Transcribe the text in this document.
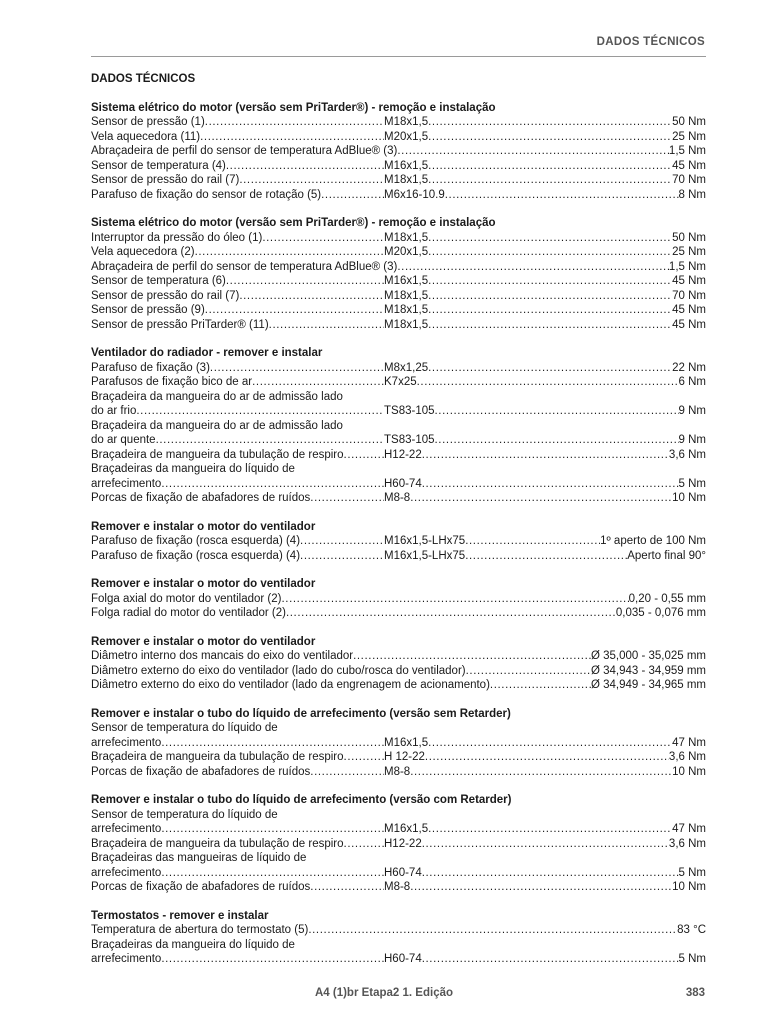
DADOS TÉCNICOS
DADOS TÉCNICOS
Sistema elétrico do motor (versão sem PriTarder®) - remoção e instalação
Sensor de pressão (1) .....	M18x1,5 .....	50 Nm
Vela aquecedora (11) .....	M20x1,5 .....	25 Nm
Abraçadeira de perfil do sensor de temperatura AdBlue® (3) .....	1,5 Nm
Sensor de temperatura (4) .....	M16x1,5 .....	45 Nm
Sensor de pressão do rail (7) .....	M18x1,5 .....	70 Nm
Parafuso de fixação do sensor de rotação (5) .....	M6x16-10.9 .....	8 Nm
Sistema elétrico do motor (versão sem PriTarder®) - remoção e instalação
Interruptor da pressão do óleo (1) .....	M18x1,5 .....	50 Nm
Vela aquecedora (2) .....	M20x1,5 .....	25 Nm
Abraçadeira de perfil do sensor de temperatura AdBlue® (3) .....	1,5 Nm
Sensor de temperatura (6) .....	M16x1,5 .....	45 Nm
Sensor de pressão do rail (7) .....	M18x1,5 .....	70 Nm
Sensor de pressão (9) .....	M18x1,5 .....	45 Nm
Sensor de pressão PriTarder® (11) .....	M18x1,5 .....	45 Nm
Ventilador do radiador - remover e instalar
Parafuso de fixação (3) .....	M8x1,25 .....	22 Nm
Parafusos de fixação bico de ar .....	K7x25 .....	6 Nm
Braçadeira da mangueira do ar de admissão lado
do ar frio .....	TS83-105 .....	9 Nm
Braçadeira da mangueira do ar de admissão lado
do ar quente .....	TS83-105 .....	9 Nm
Braçadeira de mangueira da tubulação de respiro .....	H12-22 .....	3,6 Nm
Braçadeiras da mangueira do líquido de
arrefecimento .....	H60-74 .....	5 Nm
Porcas de fixação de abafadores de ruídos .....	M8-8 .....	10 Nm
Remover e instalar o motor do ventilador
Parafuso de fixação (rosca esquerda) (4) .....	M16x1,5-LHx75 .....	1º aperto de 100 Nm
Parafuso de fixação (rosca esquerda) (4) .....	M16x1,5-LHx75 .....	Aperto final 90°
Remover e instalar o motor do ventilador
Folga axial do motor do ventilador (2) .....	0,20 - 0,55 mm
Folga radial do motor do ventilador (2) .....	0,035 - 0,076 mm
Remover e instalar o motor do ventilador
Diâmetro interno dos mancais do eixo do ventilador .....	Ø 35,000 - 35,025 mm
Diâmetro externo do eixo do ventilador (lado do cubo/rosca do ventilador) .....	Ø 34,943 - 34,959 mm
Diâmetro externo do eixo do ventilador (lado da engrenagem de acionamento) .....	Ø 34,949 - 34,965 mm
Remover e instalar o tubo do líquido de arrefecimento (versão sem Retarder)
Sensor de temperatura do líquido de
arrefecimento .....	M16x1,5 .....	47 Nm
Braçadeira de mangueira da tubulação de respiro .....	H 12-22 .....	3,6 Nm
Porcas de fixação de abafadores de ruídos .....	M8-8 .....	10 Nm
Remover e instalar o tubo do líquido de arrefecimento (versão com Retarder)
Sensor de temperatura do líquido de
arrefecimento .....	M16x1,5 .....	47 Nm
Braçadeira de mangueira da tubulação de respiro .....	H12-22 .....	3,6 Nm
Braçadeiras das mangueiras de líquido de
arrefecimento .....	H60-74 .....	5 Nm
Porcas de fixação de abafadores de ruídos .....	M8-8 .....	10 Nm
Termostatos - remover e instalar
Temperatura de abertura do termostato (5) .....	83 °C
Braçadeiras da mangueira do líquido de
arrefecimento .....	H60-74 .....	5 Nm
A4 (1)br Etapa2 1. Edição	383
